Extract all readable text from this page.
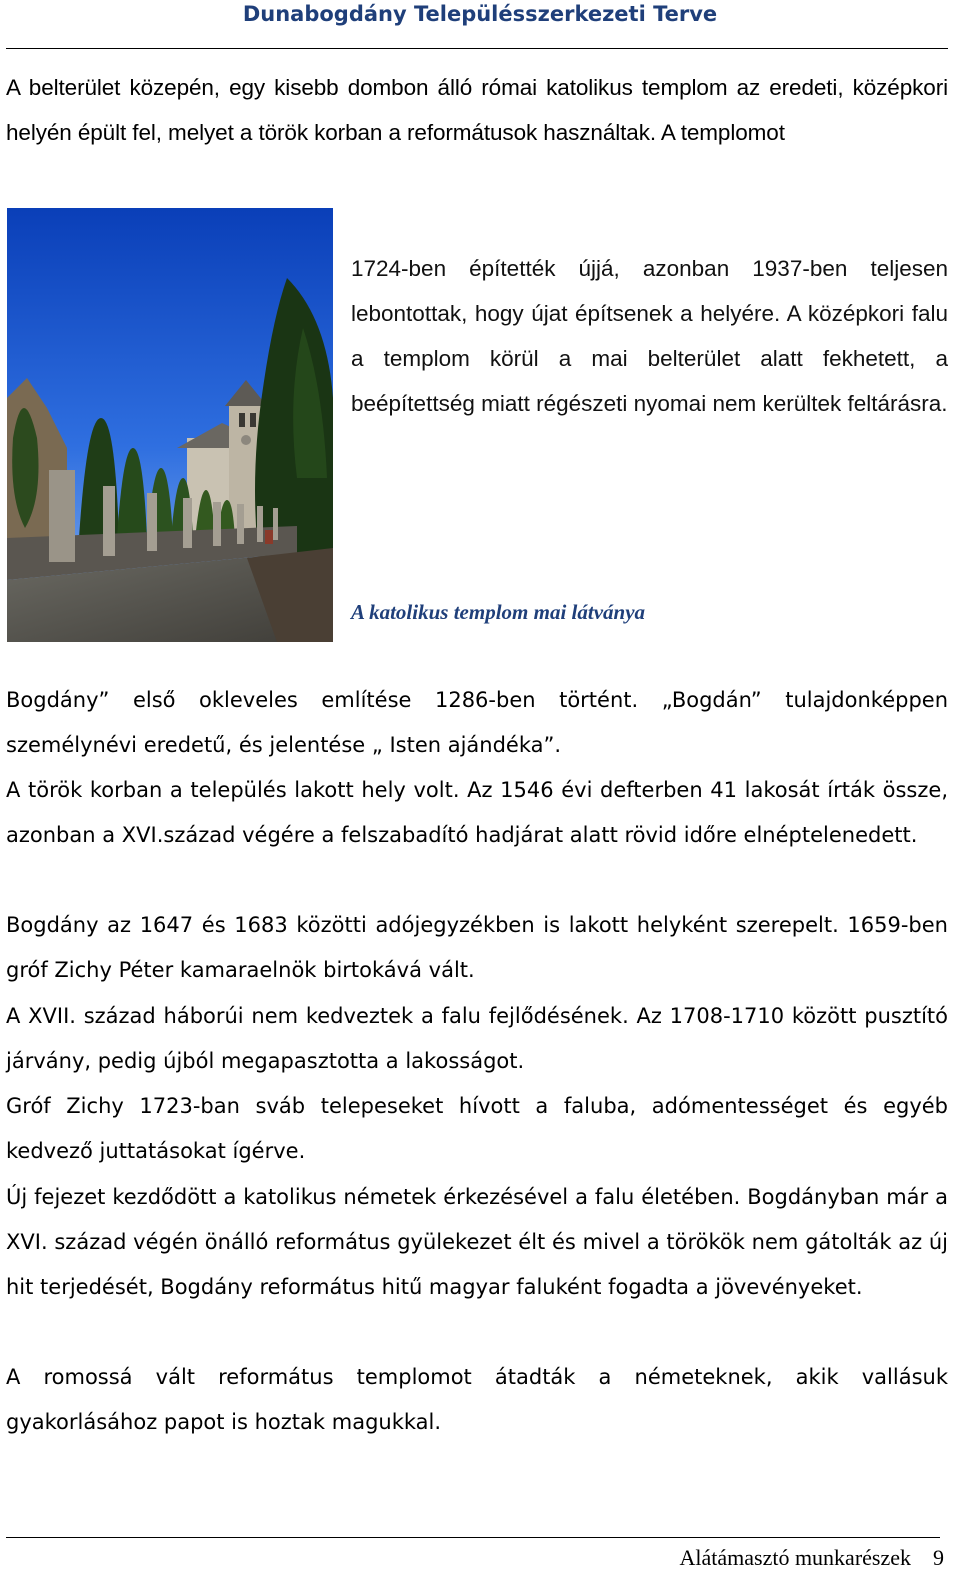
Dunabogdány Településszerkezeti Terve

A belterület közepén, egy kisebb dombon álló római katolikus templom az eredeti, középkori helyén épült fel, melyet a török korban a reformátusok használtak. A templomot

1724-ben építették újjá, azonban 1937-ben teljesen lebontottak, hogy újat építsenek a helyére. A középkori falu a templom körül a mai belterület alatt fekhetett, a beépítettség miatt régészeti nyomai nem kerültek feltárásra.

A katolikus templom mai látványa

Bogdány” első okleveles említése 1286-ben történt. „Bogdán” tulajdonképpen személynévi eredetű, és jelentése „ Isten ajándéka”.

A török korban a település lakott hely volt. Az 1546 évi defterben 41 lakosát írták össze, azonban a XVI.század végére a felszabadító hadjárat alatt rövid időre elnéptelenedett.

Bogdány az 1647 és 1683 közötti adójegyzékben is lakott helyként szerepelt. 1659-ben gróf Zichy Péter kamaraelnök birtokává vált.

A XVII. század háborúi nem kedveztek a falu fejlődésének. Az 1708-1710 között pusztító járvány, pedig újból megapasztotta a lakosságot.

Gróf Zichy 1723-ban sváb telepeseket hívott a faluba, adómentességet és egyéb kedvező juttatásokat ígérve.

Új fejezet kezdődött a katolikus németek érkezésével a falu életében. Bogdányban már a XVI. század végén önálló református gyülekezet élt és mivel a törökök nem gátolták az új hit terjedését, Bogdány református hitű magyar faluként fogadta a jövevényeket.

A romossá vált református templomot átadták a németeknek, akik vallásuk gyakorlásához papot is hoztak magukkal.

Alátámasztó munkarészek 9
